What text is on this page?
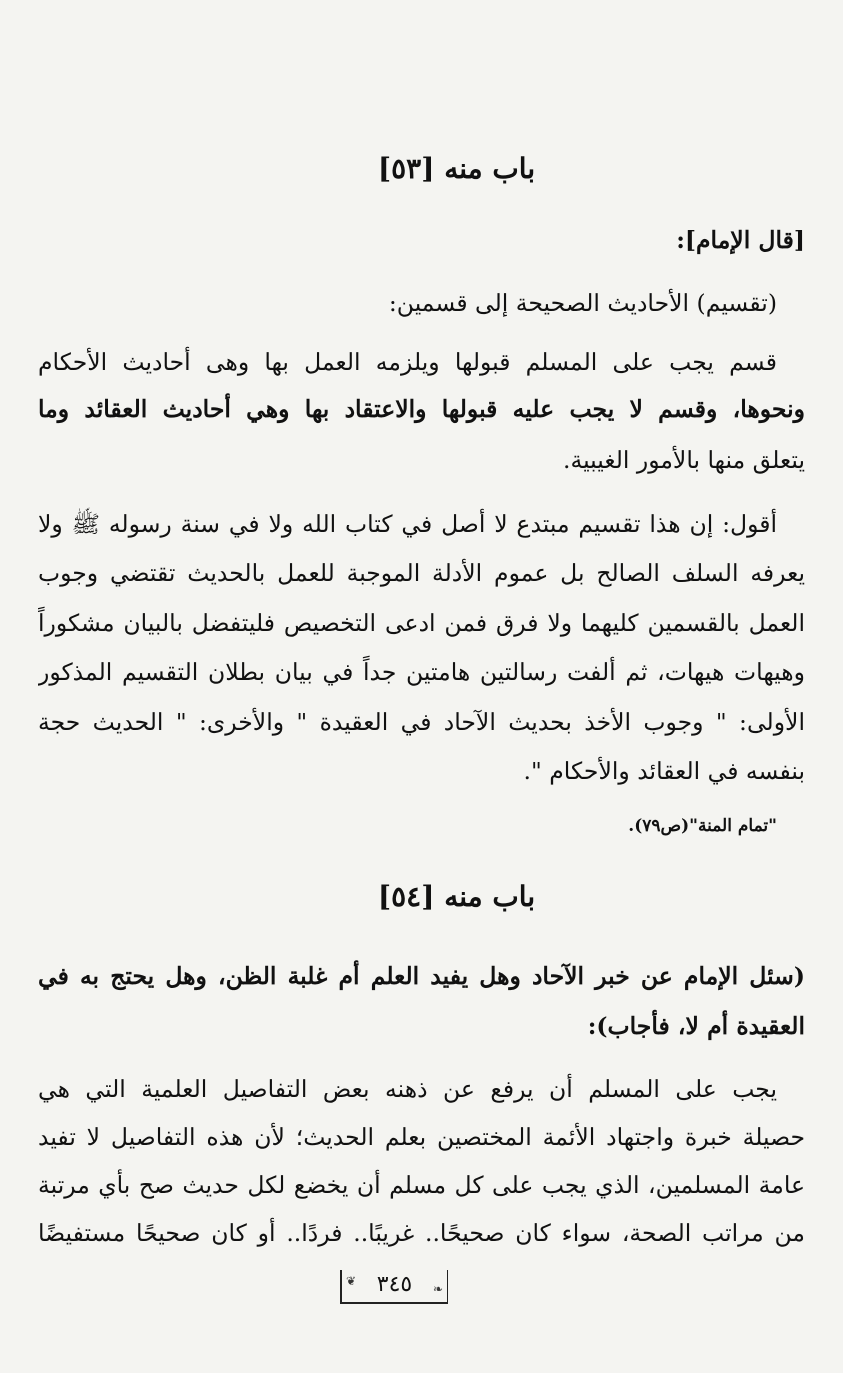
باب منه [٥٣]
[قال الإمام]:
(تقسيم) الأحاديث الصحيحة إلى قسمين:
قسم يجب على المسلم قبولها ويلزمه العمل بها وهى أحاديث الأحكام
ونحوها، وقسم لا يجب عليه قبولها والاعتقاد بها وهي أحاديث العقائد وما
يتعلق منها بالأمور الغيبية.
أقول: إن هذا تقسيم مبتدع لا أصل في كتاب الله ولا في سنة رسوله ﷺ ولا
يعرفه السلف الصالح بل عموم الأدلة الموجبة للعمل بالحديث تقتضي وجوب
العمل بالقسمين كليهما ولا فرق فمن ادعى التخصيص فليتفضل بالبيان مشكوراً
وهيهات هيهات، ثم ألفت رسالتين هامتين جداً في بيان بطلان التقسيم المذكور
الأولى: " وجوب الأخذ بحديث الآحاد في العقيدة " والأخرى: " الحديث حجة
بنفسه في العقائد والأحكام ".
"تمام المنة"(ص٧٩).
باب منه [٥٤]
(سئل الإمام عن خبر الآحاد وهل يفيد العلم أم غلبة الظن، وهل يحتج به في
العقيدة أم لا، فأجاب):
يجب على المسلم أن يرفع عن ذهنه بعض التفاصيل العلمية التي هي
حصيلة خبرة واجتهاد الأئمة المختصين بعلم الحديث؛ لأن هذه التفاصيل لا تفيد
عامة المسلمين، الذي يجب على كل مسلم أن يخضع لكل حديث صح بأي مرتبة
من مراتب الصحة، سواء كان صحيحًا.. غريبًا.. فردًا.. أو كان صحيحًا مستفيضًا
❦ ٣٤٥ ❧
